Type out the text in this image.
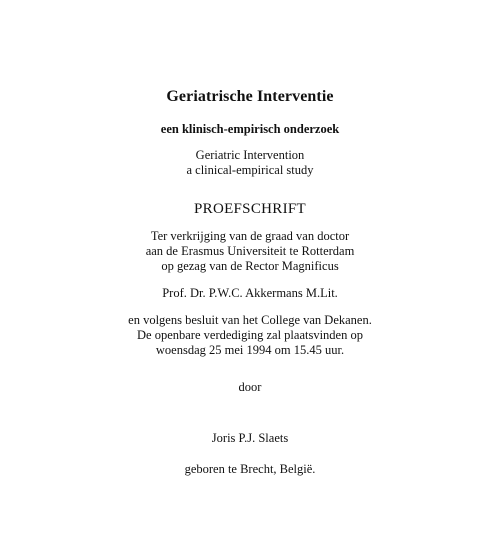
Geriatrische Interventie
een klinisch-empirisch onderzoek
Geriatric Intervention
a clinical-empirical study
PROEFSCHRIFT
Ter verkrijging van de graad van doctor
aan de Erasmus Universiteit te Rotterdam
op gezag van de Rector Magnificus
Prof. Dr. P.W.C. Akkermans M.Lit.
en volgens besluit van het College van Dekanen.
De openbare verdediging zal plaatsvinden op
woensdag 25 mei 1994 om 15.45 uur.
door
Joris P.J. Slaets
geboren te Brecht, België.
